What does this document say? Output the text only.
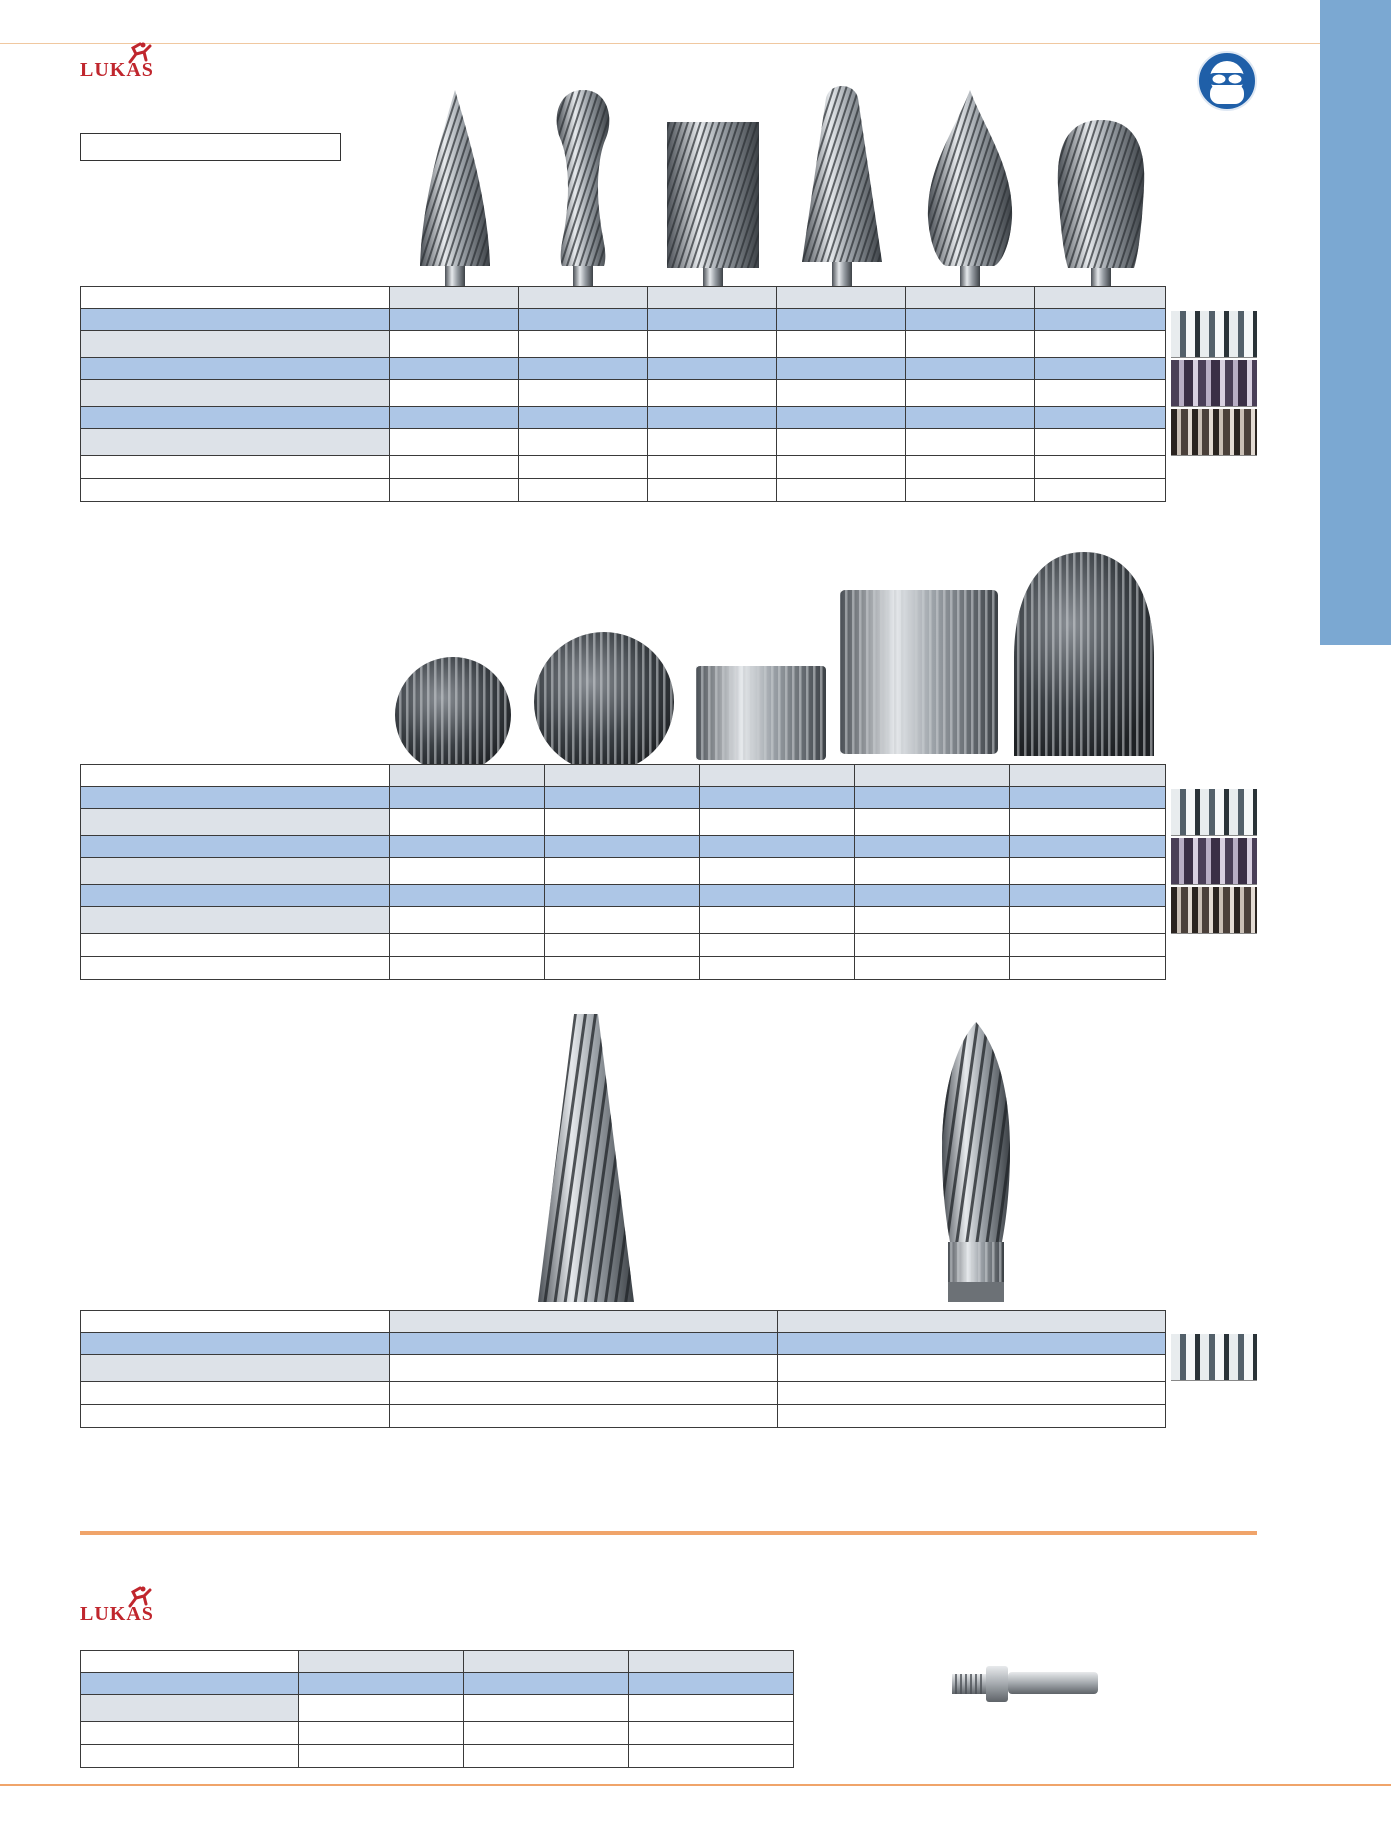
LUKAS

LUKAS
